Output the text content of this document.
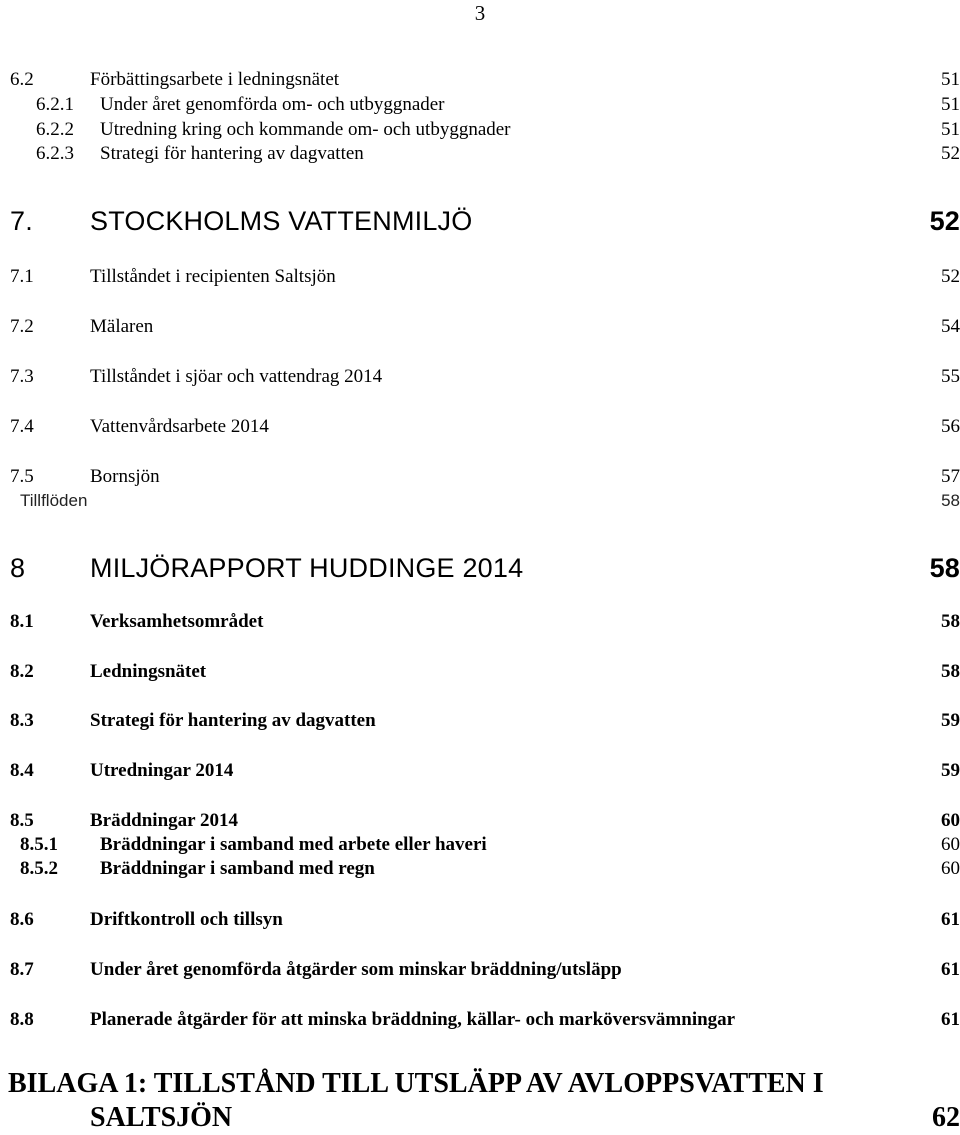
3
6.2	Förbättingsarbete i ledningsnätet	51
6.2.1 Under året genomförda om- och utbyggnader	51
6.2.2 Utredning kring och kommande om- och utbyggnader	51
6.2.3 Strategi för hantering av dagvatten	52
7. STOCKHOLMS VATTENMILJÖ	52
7.1	Tillståndet i recipienten Saltsjön	52
7.2	Mälaren	54
7.3	Tillståndet i sjöar och vattendrag 2014	55
7.4	Vattenvårdsarbete 2014	56
7.5	Bornsjön	57
Tillflöden	58
8 MILJÖRAPPORT HUDDINGE 2014	58
8.1	Verksamhetsområdet	58
8.2	Ledningsnätet	58
8.3	Strategi för hantering av dagvatten	59
8.4	Utredningar 2014	59
8.5	Bräddningar 2014	60
8.5.1 Bräddningar i samband med arbete eller haveri	60
8.5.2 Bräddningar i samband med regn	60
8.6	Driftkontroll och tillsyn	61
8.7	Under året genomförda åtgärder som minskar bräddning/utsläpp	61
8.8	Planerade åtgärder för att minska bräddning, källar- och marköversvämningar	61
BILAGA 1: TILLSTÅND TILL UTSLÄPP AV AVLOPPSVATTEN I
SALTSJÖN	62
